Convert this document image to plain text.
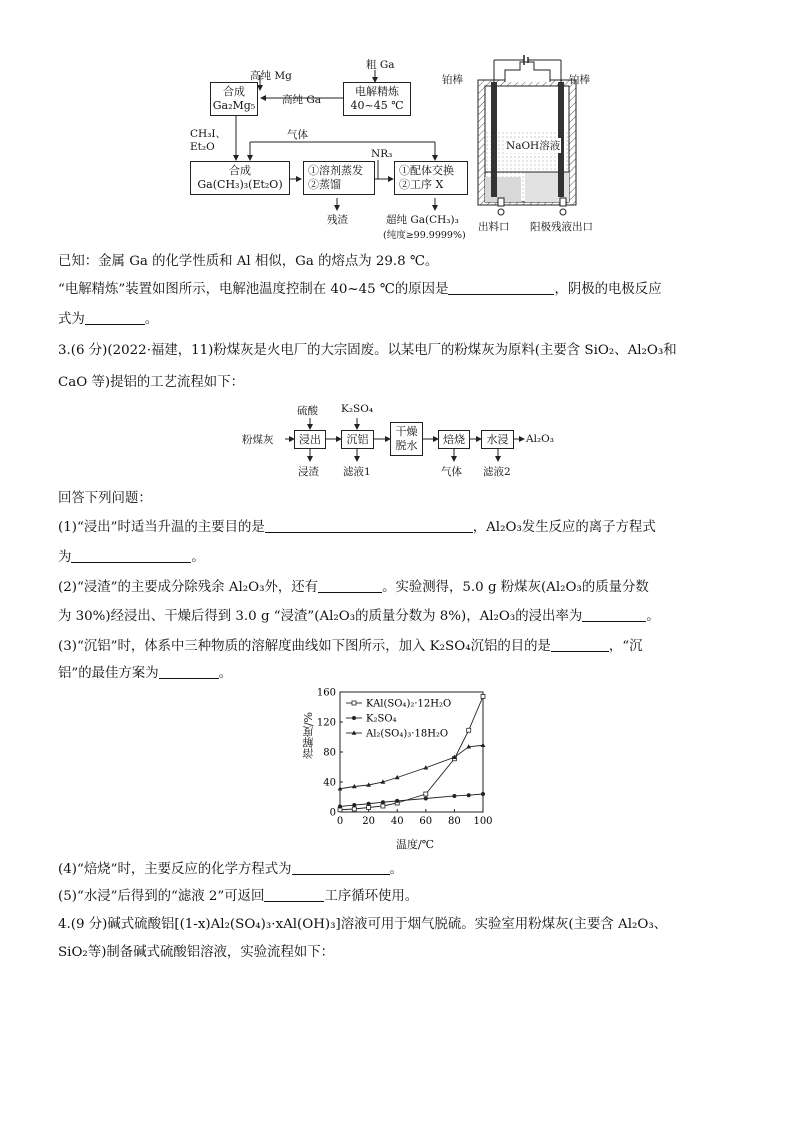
粗 Ga
高纯 Mg
电解精炼
40~45 ℃
合成
Ga₂Mg₅	高纯 Ga
CH₃I、
Et₂O
气体
NR₃
合成
Ga(CH₃)₃(Et₂O)
①溶剂蒸发
②蒸馏
①配体交换
②工序 X
残渣	超纯 Ga(CH₃)₃
(纯度≥99.9999%)
铂棒	铂棒
NaOH溶液
出料口 阳极残液出口
已知：金属 Ga 的化学性质和 Al 相似，Ga 的熔点为 29.8 ℃。
“电解精炼”装置如图所示，电解池温度控制在 40~45 ℃的原因是	，阴极的电极反应
式为	。
3.(6 分)(2022·福建，11)粉煤灰是火电厂的大宗固废。以某电厂的粉煤灰为原料(主要含 SiO₂、Al₂O₃和
CaO 等)提铝的工艺流程如下：
硫酸 K₂SO₄
粉煤灰	浸出	沉铝
干燥
脱水	焙烧	水浸	Al₂O₃
浸渣 滤液1	气体 滤液2
回答下列问题：
(1)“浸出”时适当升温的主要目的是	，Al₂O₃发生反应的离子方程式
为	。
(2)“浸渣”的主要成分除残余 Al₂O₃外，还有	。实验测得，5.0 g 粉煤灰(Al₂O₃的质量分数
为 30%)经浸出、干燥后得到 3.0 g “浸渣”(Al₂O₃的质量分数为 8%)，Al₂O₃的浸出率为	。
(3)“沉铝”时，体系中三种物质的溶解度曲线如下图所示，加入 K₂SO₄沉铝的目的是	，“沉
铝”的最佳方案为	。
0
40
80
120
160
0 20 40 60 80 100
KAl(SO₄)₂·12H₂O
K₂SO₄
Al₂(SO₄)₃·18H₂O
溶解度/%
温度/℃
(4)“焙烧”时，主要反应的化学方程式为	。
(5)“水浸”后得到的“滤液 2”可返回	工序循环使用。
4.(9 分)碱式硫酸铝[(1-x)Al₂(SO₄)₃·xAl(OH)₃]溶液可用于烟气脱硫。实验室用粉煤灰(主要含 Al₂O₃、
SiO₂等)制备碱式硫酸铝溶液，实验流程如下：
